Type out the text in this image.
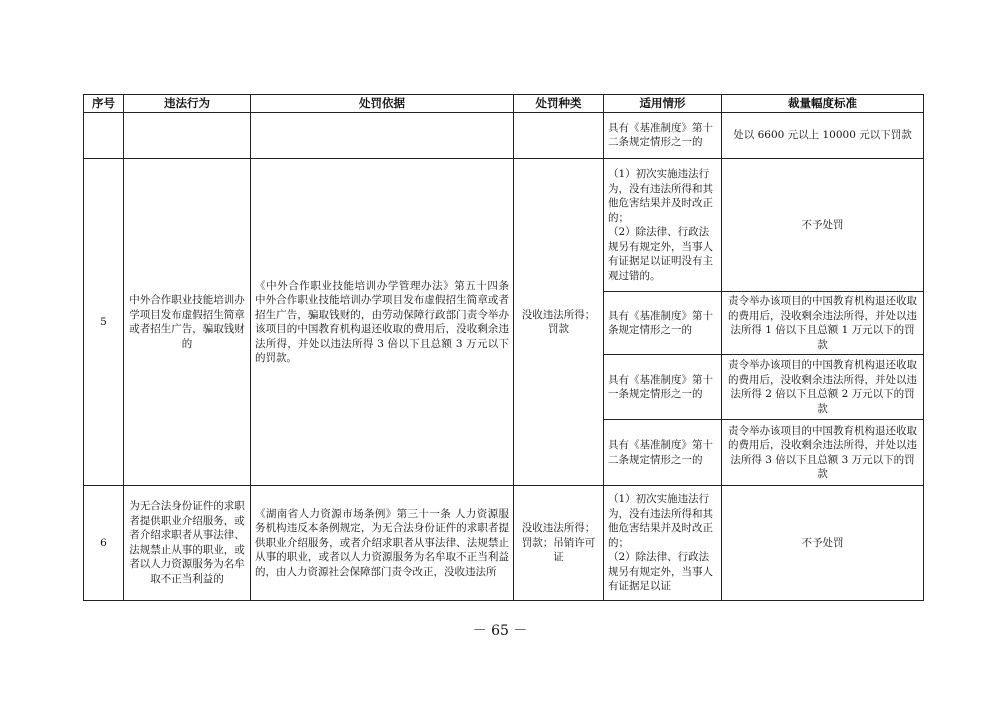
序号	违法行为	处罚依据	处罚种类	适用情形	裁量幅度标准
				具有《基准制度》第十二条规定情形之一的	处以 6600 元以上 10000 元以下罚款
5	中外合作职业技能培训办学项目发布虚假招生简章或者招生广告，骗取钱财的	《中外合作职业技能培训办学管理办法》第五十四条 中外合作职业技能培训办学项目发布虚假招生简章或者招生广告，骗取钱财的，由劳动保障行政部门责令举办该项目的中国教育机构退还收取的费用后，没收剩余违法所得，并处以违法所得 3 倍以下且总额 3 万元以下的罚款。	没收违法所得；罚款	（1）初次实施违法行为，没有违法所得和其他危害结果并及时改正的；
（2）除法律、行政法规另有规定外，当事人有证据足以证明没有主观过错的。	不予处罚
				具有《基准制度》第十条规定情形之一的	责令举办该项目的中国教育机构退还收取的费用后，没收剩余违法所得，并处以违法所得 1 倍以下且总额 1 万元以下的罚款
				具有《基准制度》第十一条规定情形之一的	责令举办该项目的中国教育机构退还收取的费用后，没收剩余违法所得，并处以违法所得 2 倍以下且总额 2 万元以下的罚款
				具有《基准制度》第十二条规定情形之一的	责令举办该项目的中国教育机构退还收取的费用后，没收剩余违法所得，并处以违法所得 3 倍以下且总额 3 万元以下的罚款
6	为无合法身份证件的求职者提供职业介绍服务，或者介绍求职者从事法律、法规禁止从事的职业，或者以人力资源服务为名牟取不正当利益的	《湖南省人力资源市场条例》第三十一条 人力资源服务机构违反本条例规定，为无合法身份证件的求职者提供职业介绍服务，或者介绍求职者从事法律、法规禁止从事的职业，或者以人力资源服务为名牟取不正当利益的，由人力资源社会保障部门责令改正，没收违法所	没收违法所得；罚款；吊销许可证	（1）初次实施违法行为，没有违法所得和其他危害结果并及时改正的；
（2）除法律、行政法规另有规定外，当事人有证据足以证	不予处罚
－ 65 －
